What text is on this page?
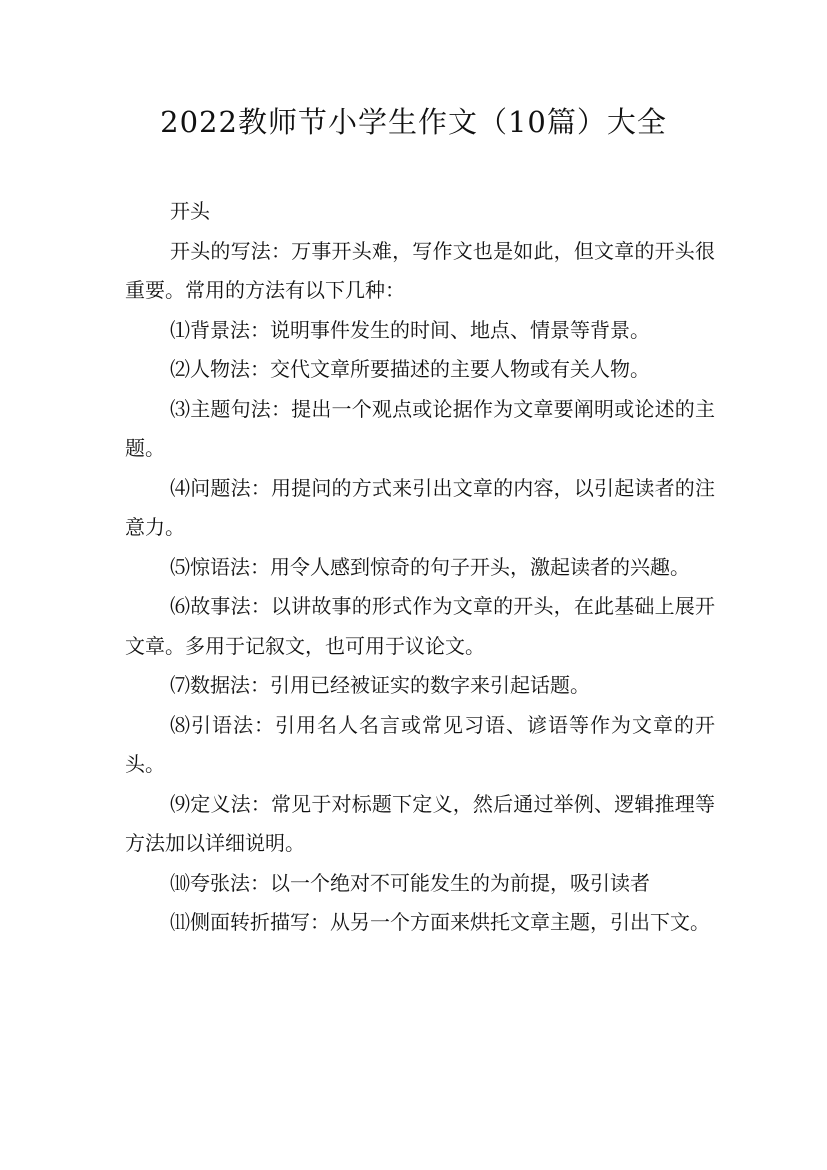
2022教师节小学生作文（10篇）大全

开头

开头的写法：万事开头难，写作文也是如此，但文章的开头很重要。常用的方法有以下几种：

⑴背景法：说明事件发生的时间、地点、情景等背景。

⑵人物法：交代文章所要描述的主要人物或有关人物。

⑶主题句法：提出一个观点或论据作为文章要阐明或论述的主题。

⑷问题法：用提问的方式来引出文章的内容，以引起读者的注意力。

⑸惊语法：用令人感到惊奇的句子开头，激起读者的兴趣。

⑹故事法：以讲故事的形式作为文章的开头，在此基础上展开文章。多用于记叙文，也可用于议论文。

⑺数据法：引用已经被证实的数字来引起话题。

⑻引语法：引用名人名言或常见习语、谚语等作为文章的开头。

⑼定义法：常见于对标题下定义，然后通过举例、逻辑推理等方法加以详细说明。

⑽夸张法：以一个绝对不可能发生的为前提，吸引读者

⑾侧面转折描写：从另一个方面来烘托文章主题，引出下文。
